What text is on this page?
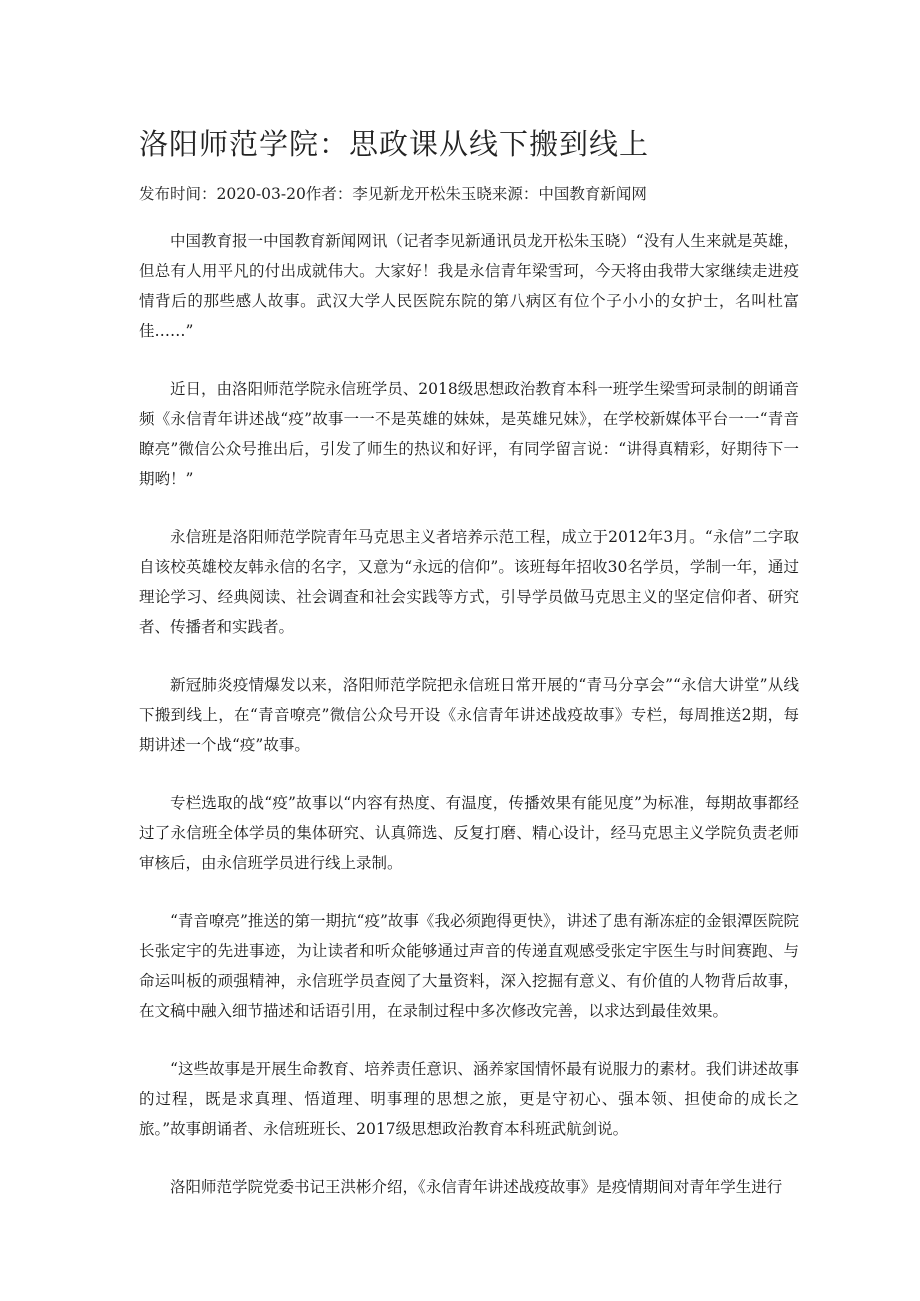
洛阳师范学院：思政课从线下搬到线上
发布时间：2020-03-20作者：李见新龙开松朱玉晓来源：中国教育新闻网

中国教育报一中国教育新闻网讯（记者李见新通讯员龙开松朱玉晓）“没有人生来就是英雄，但总有人用平凡的付出成就伟大。大家好！我是永信青年梁雪珂，今天将由我带大家继续走进疫情背后的那些感人故事。武汉大学人民医院东院的第八病区有位个子小小的女护士，名叫杜富佳……”

近日，由洛阳师范学院永信班学员、2018级思想政治教育本科一班学生梁雪珂录制的朗诵音频《永信青年讲述战“疫”故事一一不是英雄的妹妹，是英雄兄妹》，在学校新媒体平台一一“青音瞭亮”微信公众号推出后，引发了师生的热议和好评，有同学留言说：“讲得真精彩，好期待下一期哟！”

永信班是洛阳师范学院青年马克思主义者培养示范工程，成立于2012年3月。“永信”二字取自该校英雄校友韩永信的名字，又意为“永远的信仰”。该班每年招收30名学员，学制一年，通过理论学习、经典阅读、社会调查和社会实践等方式，引导学员做马克思主义的坚定信仰者、研究者、传播者和实践者。

新冠肺炎疫情爆发以来，洛阳师范学院把永信班日常开展的“青马分享会”“永信大讲堂”从线下搬到线上，在“青音嘹亮”微信公众号开设《永信青年讲述战疫故事》专栏，每周推送2期，每期讲述一个战“疫”故事。

专栏选取的战“疫”故事以“内容有热度、有温度，传播效果有能见度”为标准，每期故事都经过了永信班全体学员的集体研究、认真筛选、反复打磨、精心设计，经马克思主义学院负责老师审核后，由永信班学员进行线上录制。

“青音嘹亮”推送的第一期抗“疫”故事《我必须跑得更快》，讲述了患有渐冻症的金银潭医院院长张定宇的先进事迹，为让读者和听众能够通过声音的传递直观感受张定宇医生与时间赛跑、与命运叫板的顽强精神，永信班学员查阅了大量资料，深入挖掘有意义、有价值的人物背后故事，在文稿中融入细节描述和话语引用，在录制过程中多次修改完善，以求达到最佳效果。

“这些故事是开展生命教育、培养责任意识、涵养家国情怀最有说服力的素材。我们讲述故事的过程，既是求真理、悟道理、明事理的思想之旅，更是守初心、强本领、担使命的成长之旅。”故事朗诵者、永信班班长、2017级思想政治教育本科班武航剑说。

洛阳师范学院党委书记王洪彬介绍，《永信青年讲述战疫故事》是疫情期间对青年学生进行
